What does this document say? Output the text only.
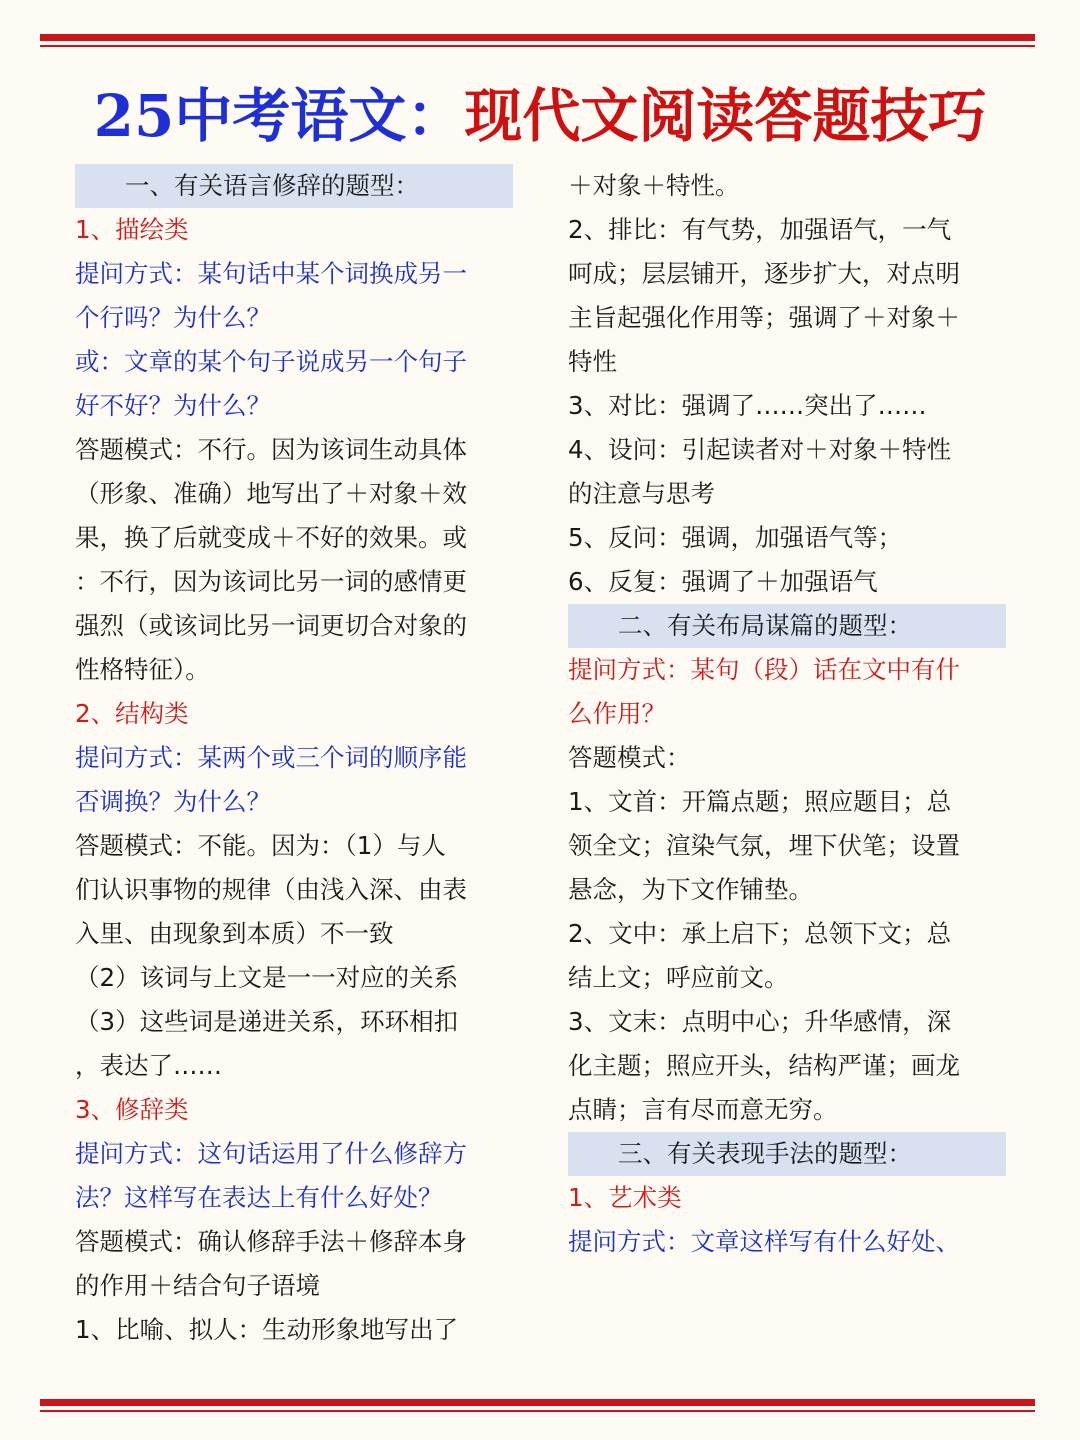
25中考语文：现代文阅读答题技巧
一、有关语言修辞的题型：
1、描绘类
提问方式：某句话中某个词换成另一
个行吗？为什么？
或：文章的某个句子说成另一个句子
好不好？为什么？
答题模式：不行。因为该词生动具体
（形象、准确）地写出了＋对象＋效
果，换了后就变成＋不好的效果。或
：不行，因为该词比另一词的感情更
强烈（或该词比另一词更切合对象的
性格特征）。
2、结构类
提问方式：某两个或三个词的顺序能
否调换？为什么？
答题模式：不能。因为：（1）与人
们认识事物的规律（由浅入深、由表
入里、由现象到本质）不一致
（2）该词与上文是一一对应的关系
（3）这些词是递进关系，环环相扣
，表达了……
3、修辞类
提问方式：这句话运用了什么修辞方
法？这样写在表达上有什么好处？
答题模式：确认修辞手法＋修辞本身
的作用＋结合句子语境
1、比喻、拟人：生动形象地写出了
＋对象＋特性。
2、排比：有气势，加强语气，一气
呵成；层层铺开，逐步扩大，对点明
主旨起强化作用等；强调了＋对象＋
特性
3、对比：强调了……突出了……
4、设问：引起读者对＋对象＋特性
的注意与思考
5、反问：强调，加强语气等；
6、反复：强调了＋加强语气
二、有关布局谋篇的题型：
提问方式：某句（段）话在文中有什
么作用？
答题模式：
1、文首：开篇点题；照应题目；总
领全文；渲染气氛，埋下伏笔；设置
悬念，为下文作铺垫。
2、文中：承上启下；总领下文；总
结上文；呼应前文。
3、文末：点明中心；升华感情，深
化主题；照应开头，结构严谨；画龙
点睛；言有尽而意无穷。
三、有关表现手法的题型：
1、艺术类
提问方式：文章这样写有什么好处、
